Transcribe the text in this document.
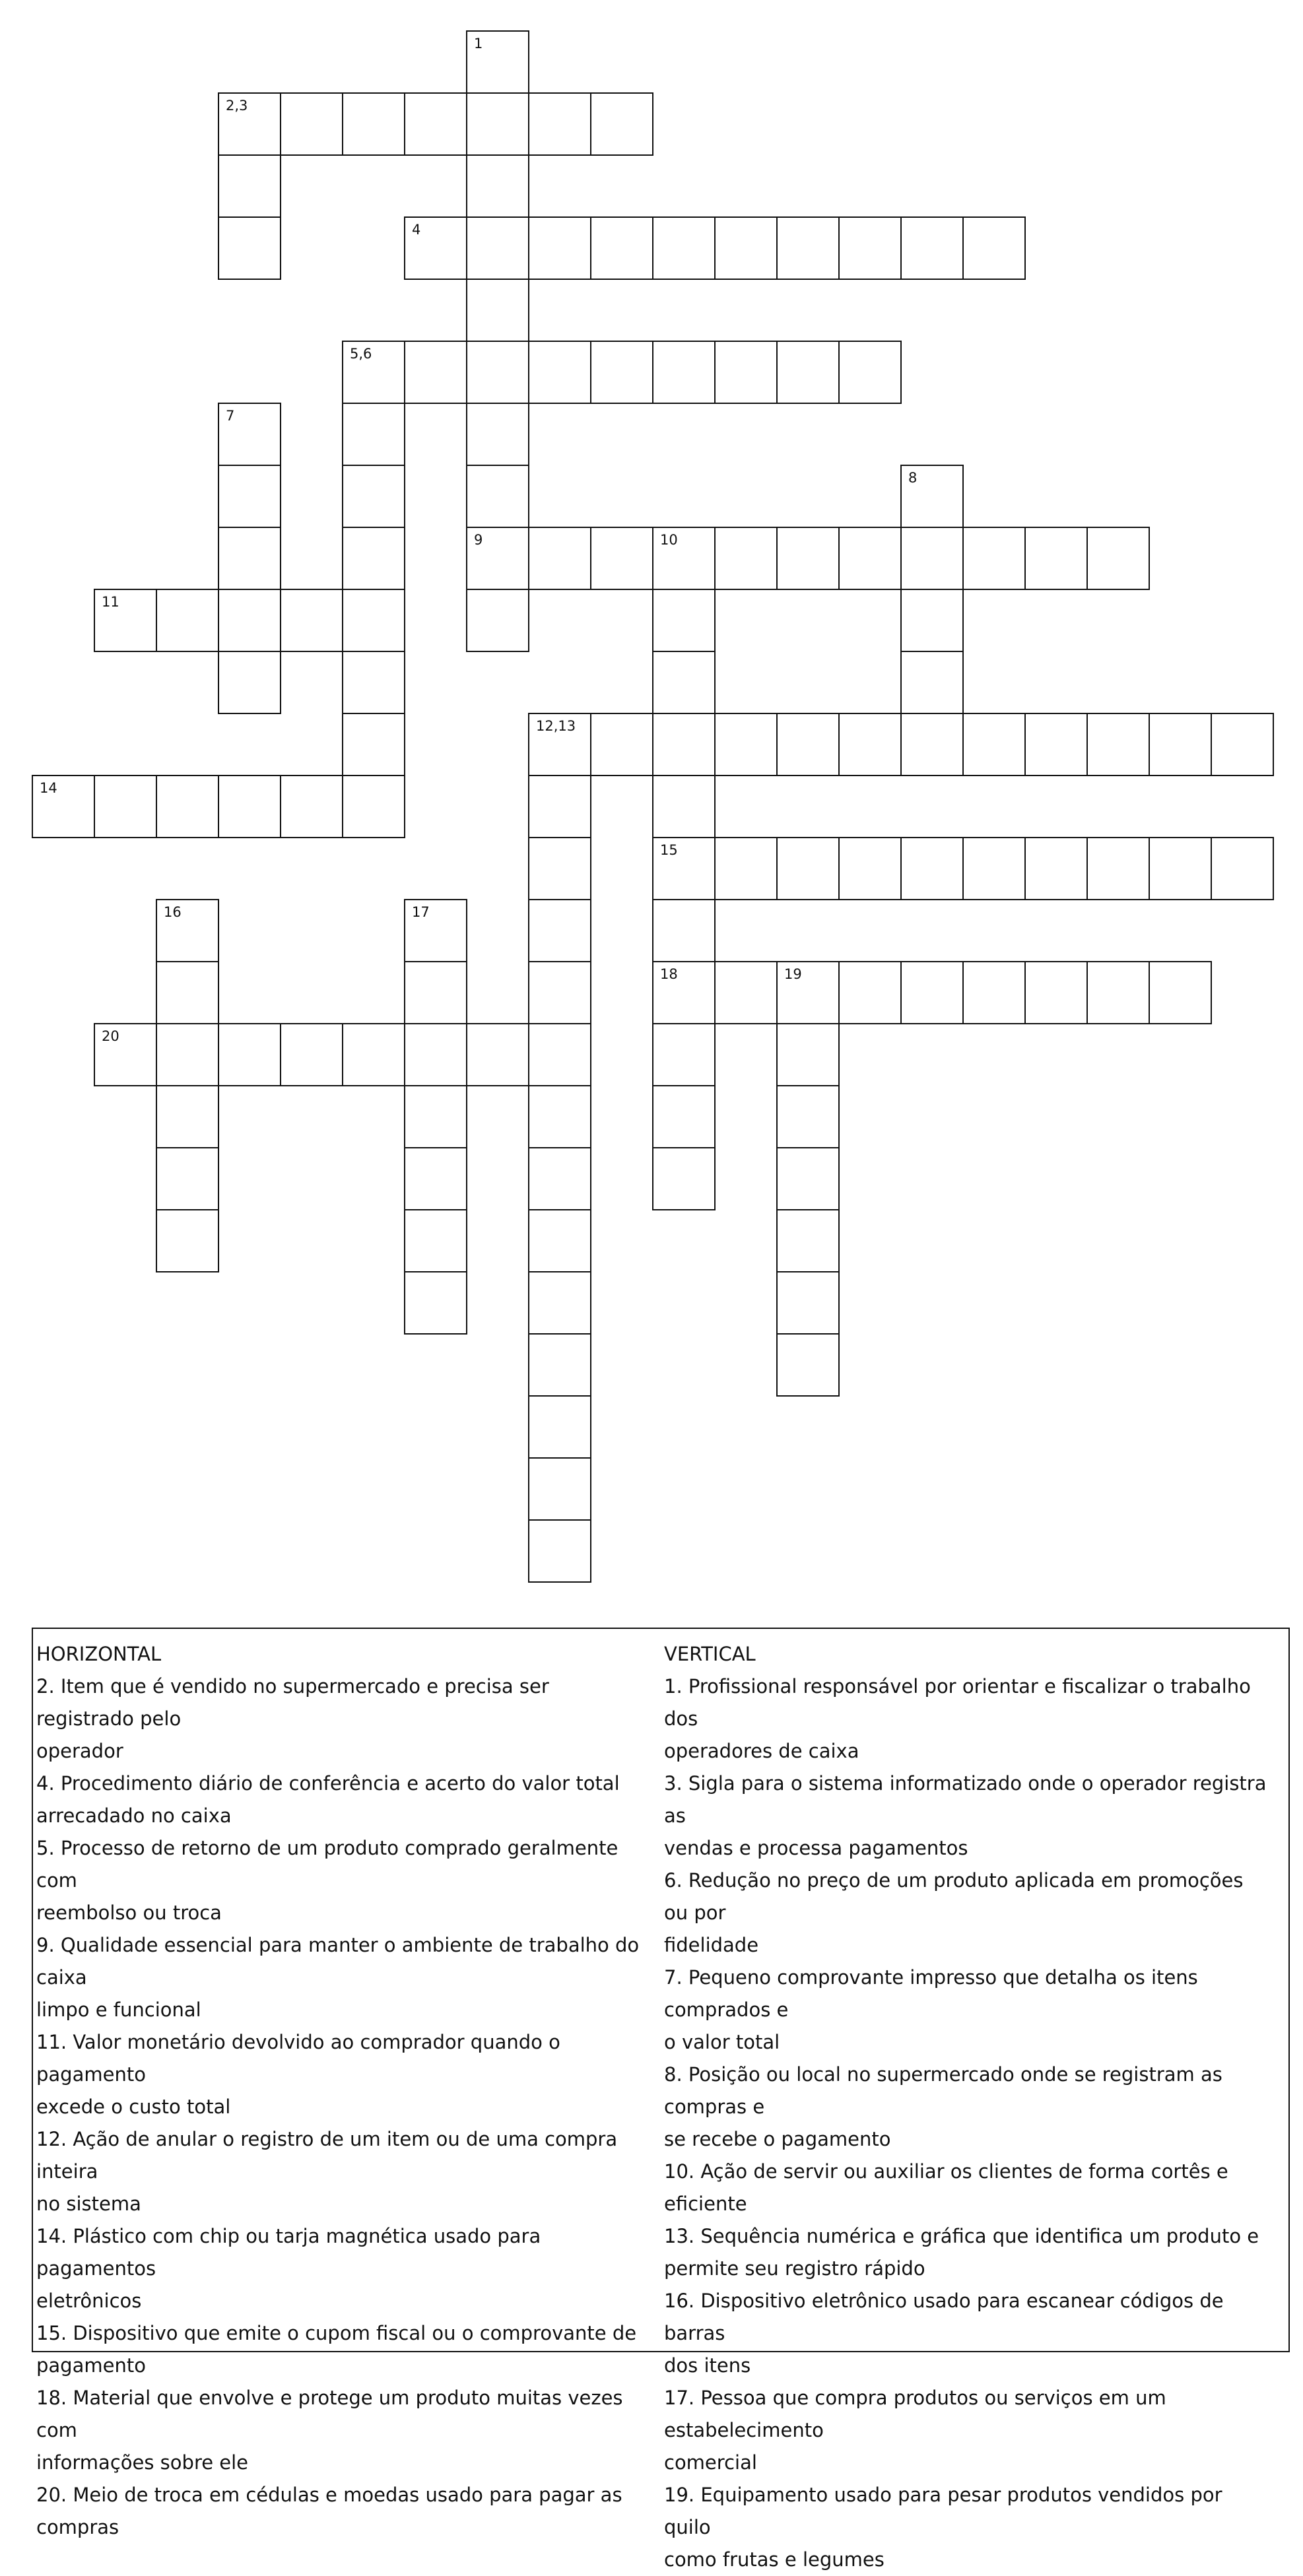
1
9
2,3
4
5,6
7
8
10
15
18
11
12,13
14
16	17
19
20
HORIZONTAL
2. Item que é vendido no supermercado e precisa ser registrado pelo
operador
4. Procedimento diário de conferência e acerto do valor total
arrecadado no caixa
5. Processo de retorno de um produto comprado geralmente com
reembolso ou troca
9. Qualidade essencial para manter o ambiente de trabalho do caixa
limpo e funcional
11. Valor monetário devolvido ao comprador quando o pagamento
excede o custo total
12. Ação de anular o registro de um item ou de uma compra inteira
no sistema
14. Plástico com chip ou tarja magnética usado para pagamentos
eletrônicos
15. Dispositivo que emite o cupom fiscal ou o comprovante de
pagamento
18. Material que envolve e protege um produto muitas vezes com
informações sobre ele
20. Meio de troca em cédulas e moedas usado para pagar as
compras
VERTICAL
1. Profissional responsável por orientar e fiscalizar o trabalho dos
operadores de caixa
3. Sigla para o sistema informatizado onde o operador registra as
vendas e processa pagamentos
6. Redução no preço de um produto aplicada em promoções ou por
fidelidade
7. Pequeno comprovante impresso que detalha os itens comprados e
o valor total
8. Posição ou local no supermercado onde se registram as compras e
se recebe o pagamento
10. Ação de servir ou auxiliar os clientes de forma cortês e eficiente
13. Sequência numérica e gráfica que identifica um produto e
permite seu registro rápido
16. Dispositivo eletrônico usado para escanear códigos de barras
dos itens
17. Pessoa que compra produtos ou serviços em um estabelecimento
comercial
19. Equipamento usado para pesar produtos vendidos por quilo
como frutas e legumes
